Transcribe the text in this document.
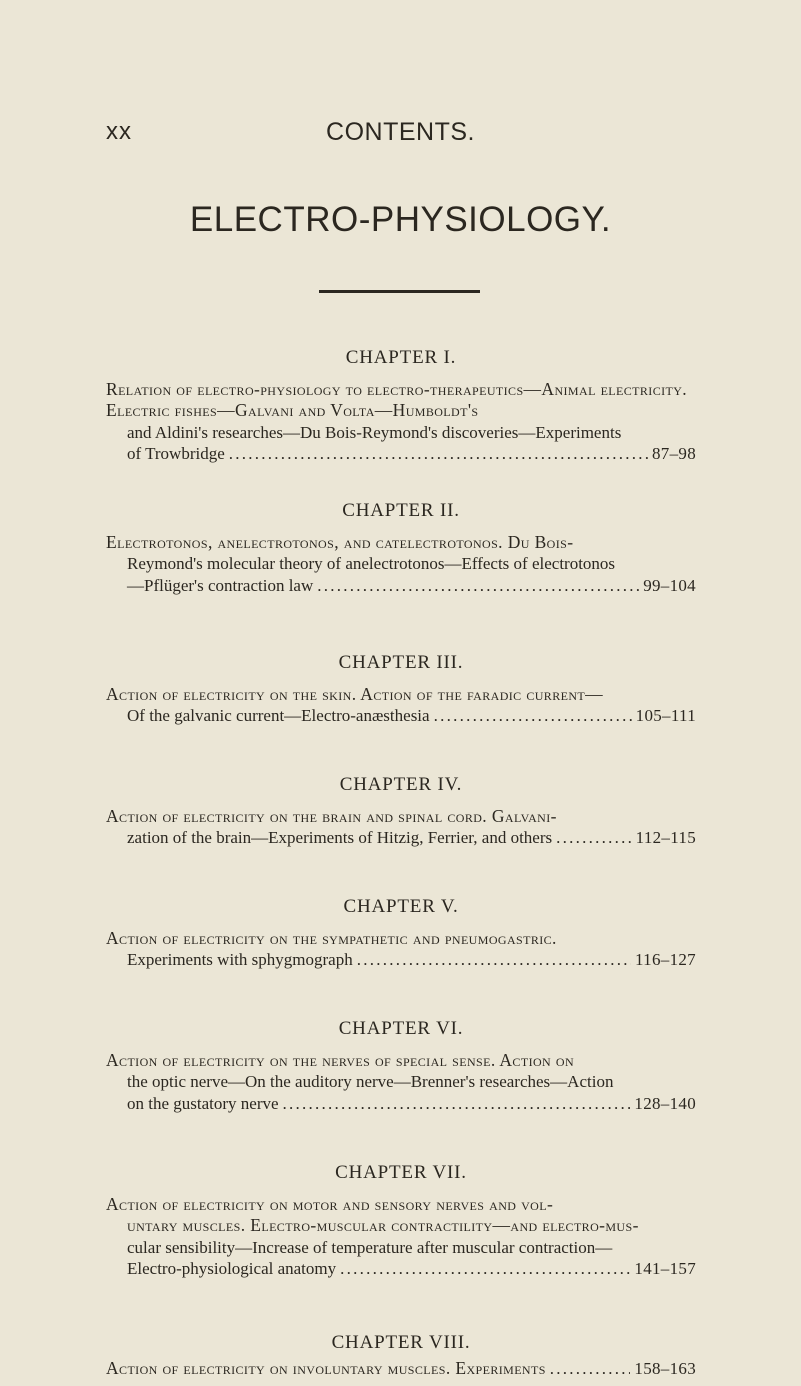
xx	CONTENTS.
ELECTRO-PHYSIOLOGY.
CHAPTER I.
Relation of electro-physiology to electro-therapeutics—Animal electricity. Electric fishes—Galvani and Volta—Humboldt's
and Aldini's researches—Du Bois-Reymond's discoveries—Experiments
of Trowbridge . . .	87–98
CHAPTER II.
Electrotonos, anelectrotonos, and catelectrotonos. Du Bois-
Reymond's molecular theory of anelectrotonos—Effects of electrotonos
—Pflüger's contraction law . . .	99–104
CHAPTER III.
Action of electricity on the skin. Action of the faradic current—
Of the galvanic current—Electro-anæsthesia . . .	105–111
CHAPTER IV.
Action of electricity on the brain and spinal cord. Galvani-
zation of the brain—Experiments of Hitzig, Ferrier, and others . . .	112–115
CHAPTER V.
Action of electricity on the sympathetic and pneumogastric.
Experiments with sphygmograph . . .	116–127
CHAPTER VI.
Action of electricity on the nerves of special sense. Action on
the optic nerve—On the auditory nerve—Brenner's researches—Action
on the gustatory nerve . . .	128–140
CHAPTER VII.
Action of electricity on motor and sensory nerves and vol-
untary muscles. Electro-muscular contractility—and electro-mus-
cular sensibility—Increase of temperature after muscular contraction—
Electro-physiological anatomy . . .	141–157
CHAPTER VIII.
Action of electricity on involuntary muscles. Experiments . . .	158–163
